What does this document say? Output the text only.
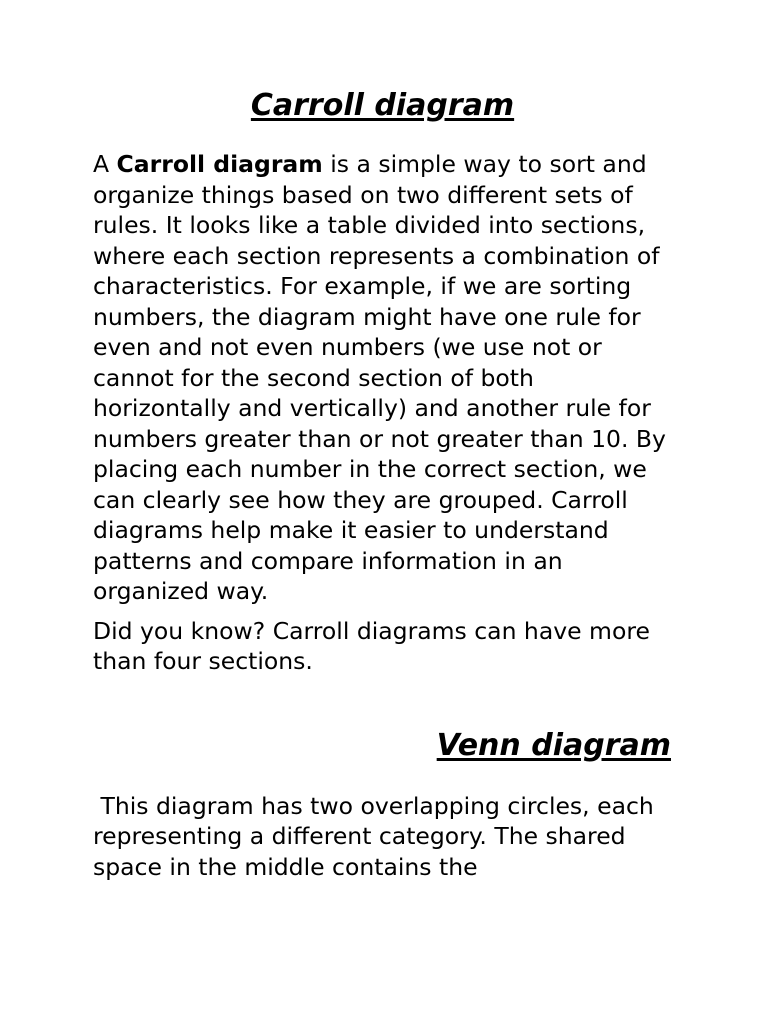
Carroll diagram

A Carroll diagram is a simple way to sort and organize things based on two different sets of rules. It looks like a table divided into sections, where each section represents a combination of characteristics. For example, if we are sorting numbers, the diagram might have one rule for even and not even numbers (we use not or cannot for the second section of both horizontally and vertically) and another rule for numbers greater than or not greater than 10. By placing each number in the correct section, we can clearly see how they are grouped. Carroll diagrams help make it easier to understand patterns and compare information in an organized way.

Did you know? Carroll diagrams can have more than four sections.

Venn diagram

This diagram has two overlapping circles, each representing a different category. The shared space in the middle contains the
